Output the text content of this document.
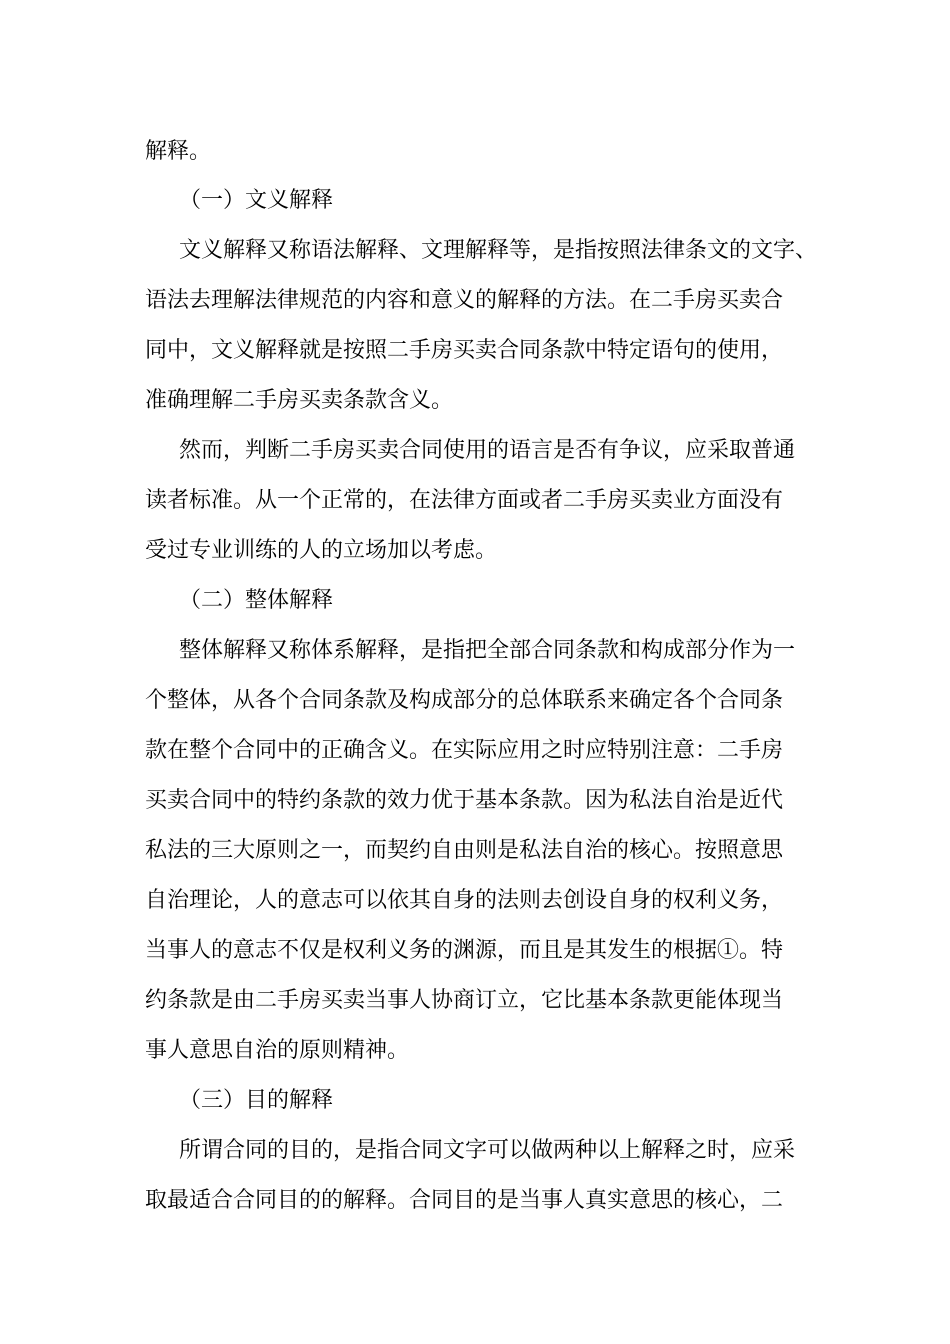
解释。
（一）文义解释
文义解释又称语法解释、文理解释等，是指按照法律条文的文字、
语法去理解法律规范的内容和意义的解释的方法。在二手房买卖合
同中，文义解释就是按照二手房买卖合同条款中特定语句的使用，
准确理解二手房买卖条款含义。
然而，判断二手房买卖合同使用的语言是否有争议，应采取普通
读者标准。从一个正常的，在法律方面或者二手房买卖业方面没有
受过专业训练的人的立场加以考虑。
（二）整体解释
整体解释又称体系解释，是指把全部合同条款和构成部分作为一
个整体，从各个合同条款及构成部分的总体联系来确定各个合同条
款在整个合同中的正确含义。在实际应用之时应特别注意：二手房
买卖合同中的特约条款的效力优于基本条款。因为私法自治是近代
私法的三大原则之一，而契约自由则是私法自治的核心。按照意思
自治理论，人的意志可以依其自身的法则去创设自身的权利义务，
当事人的意志不仅是权利义务的渊源，而且是其发生的根据①。特
约条款是由二手房买卖当事人协商订立，它比基本条款更能体现当
事人意思自治的原则精神。
（三）目的解释
所谓合同的目的，是指合同文字可以做两种以上解释之时，应采
取最适合合同目的的解释。合同目的是当事人真实意思的核心，二
